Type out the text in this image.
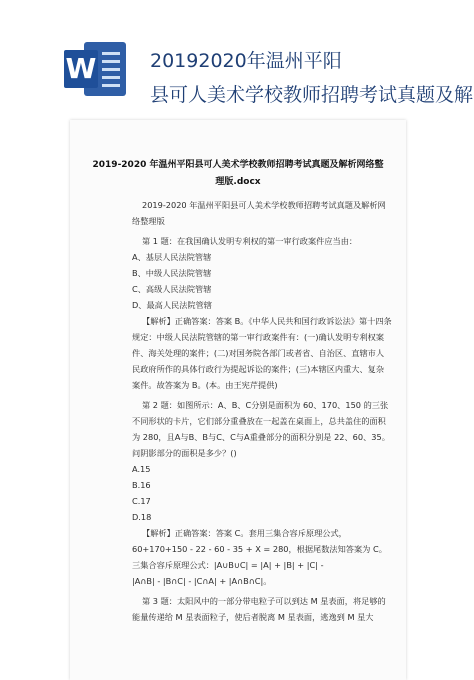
W	20192020年温州平阳
县可人美术学校教师招聘考试真题及解
2019-2020 年温州平阳县可人美术学校教师招聘考试真题及解析网络整理版.docx

2019-2020 年温州平阳县可人美术学校教师招聘考试真题及解析网络整理版

第 1 题：在我国确认发明专利权的第一审行政案件应当由：

A、基层人民法院管辖

B、中级人民法院管辖

C、高级人民法院管辖

D、最高人民法院管辖

【解析】正确答案：答案 B。《中华人民共和国行政诉讼法》第十四条规定：中级人民法院管辖的第一审行政案件有：(一)确认发明专利权案件、海关处理的案件；(二)对国务院各部门或者省、自治区、直辖市人民政府所作的具体行政行为提起诉讼的案件；(三)本辖区内重大、复杂案件。故答案为 B。(本。由王宪芹提供)

第 2 题：如图所示：A、B、C分别是面积为 60、170、150 的三张不同形状的卡片，它们部分重叠放在一起盖在桌面上，总共盖住的面积为 280，且A与B、B与C、C与A重叠部分的面积分别是 22、60、35。问阴影部分的面积是多少？()

A.15

B.16

C.17

D.18

【解析】正确答案：答案 C。套用三集合容斥原理公式，60+170+150 - 22 - 60 - 35 + X = 280，根据尾数法知答案为 C。三集合容斥原理公式：|A∪B∪C| = |A| + |B| + |C| -

|A∩B| - |B∩C| - |C∩A| + |A∩B∩C|。

第 3 题：太阳风中的一部分带电粒子可以到达 M 星表面，将足够的能量传递给 M 星表面粒子，使后者脱离 M 星表面，逃逸到 M 星大
